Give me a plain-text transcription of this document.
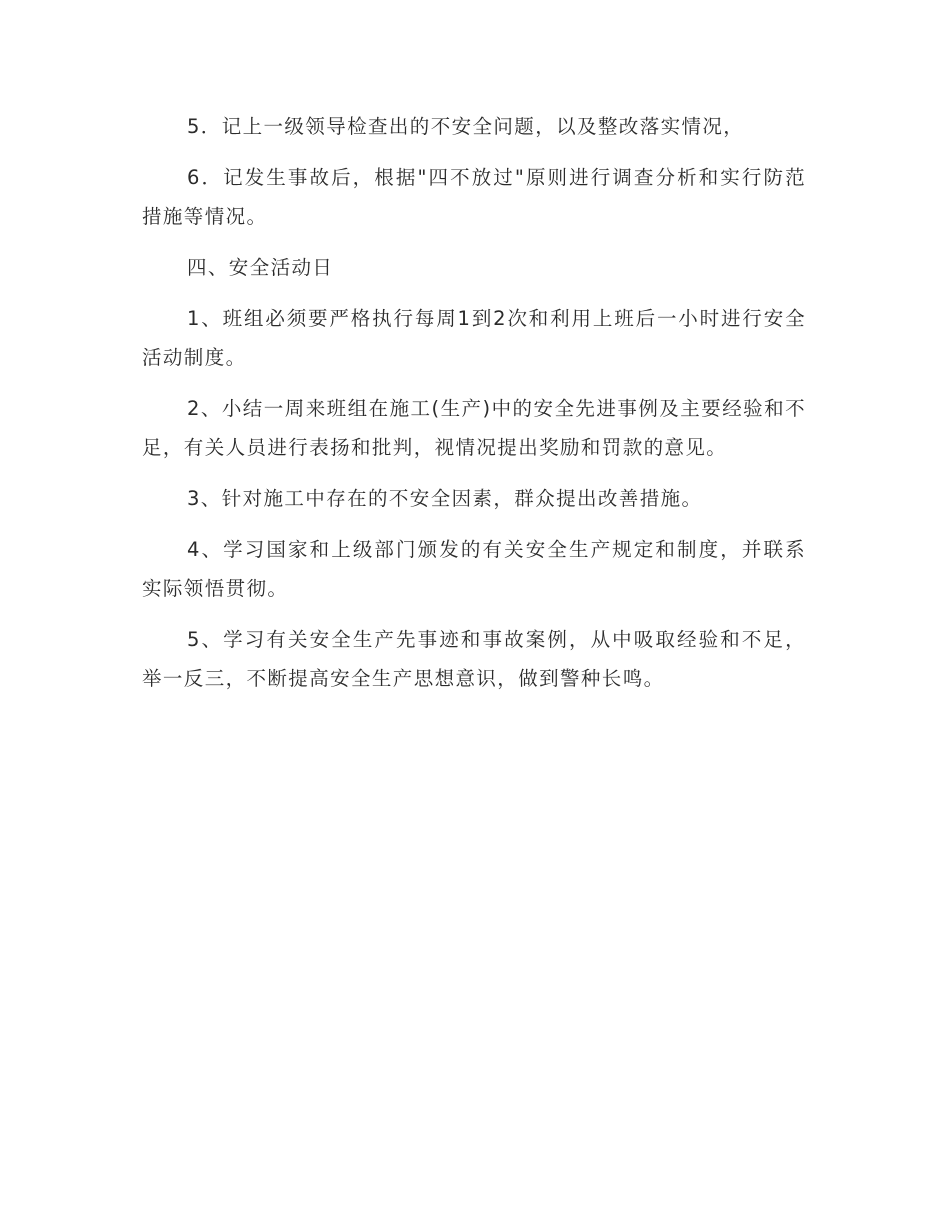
5．记上一级领导检查出的不安全问题，以及整改落实情况，

6．记发生事故后，根据"四不放过"原则进行调查分析和实行防范措施等情况。

四、安全活动日

1、班组必须要严格执行每周1到2次和利用上班后一小时进行安全活动制度。

2、小结一周来班组在施工(生产)中的安全先进事例及主要经验和不足，有关人员进行表扬和批判，视情况提出奖励和罚款的意见。

3、针对施工中存在的不安全因素，群众提出改善措施。

4、学习国家和上级部门颁发的有关安全生产规定和制度，并联系实际领悟贯彻。

5、学习有关安全生产先事迹和事故案例，从中吸取经验和不足，举一反三，不断提高安全生产思想意识，做到警种长鸣。
